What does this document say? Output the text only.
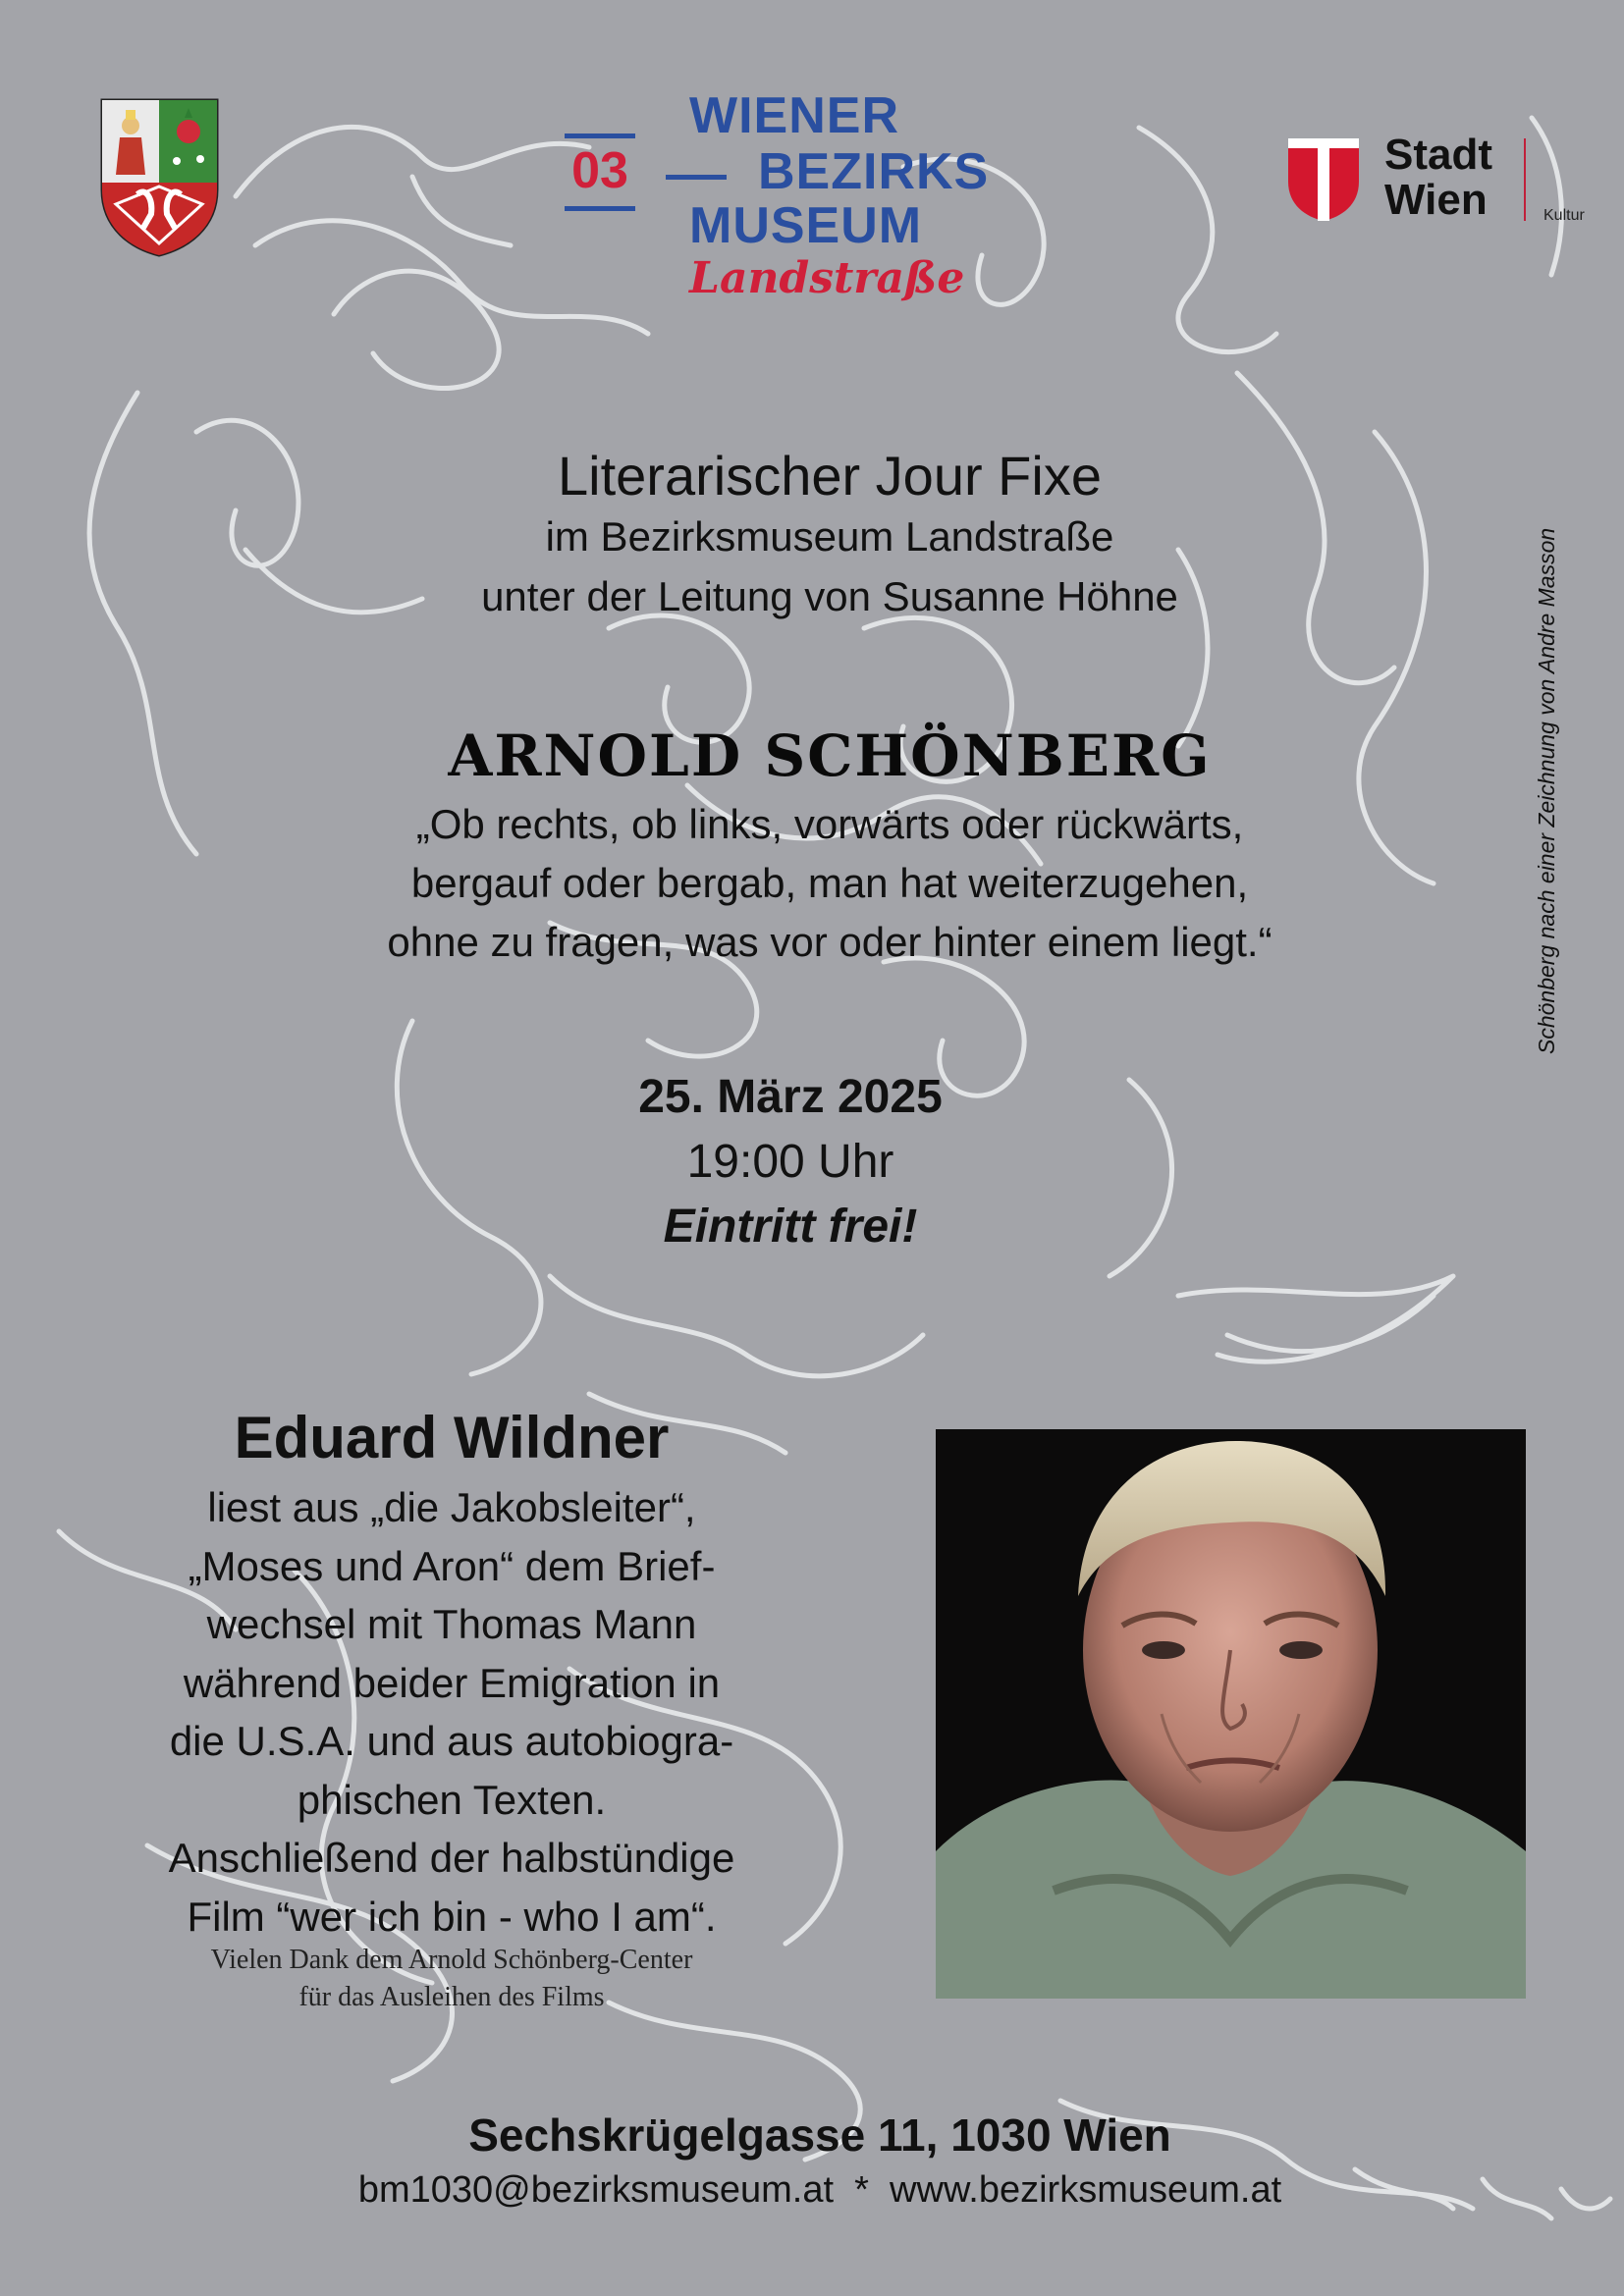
03
WIENER
BEZIRKS
MUSEUM
Landstraße
Stadt
Wien	Kultur
Literarischer Jour Fixe
im Bezirksmuseum Landstraße
unter der Leitung von Susanne Höhne
ARNOLD SCHÖNBERG
„Ob rechts, ob links, vorwärts oder rückwärts,
bergauf oder bergab, man hat weiterzugehen,
ohne zu fragen, was vor oder hinter einem liegt.“
25. März 2025
19:00 Uhr
Eintritt frei!
Schönberg nach einer Zeichnung von Andre Masson
Eduard Wildner
liest aus „die Jakobsleiter“,
„Moses und Aron“ dem Brief-
wechsel mit Thomas Mann
während beider Emigration in
die U.S.A. und aus autobiogra-
phischen Texten.
Anschließend der halbstündige
Film “wer ich bin - who I am“.
Vielen Dank dem Arnold Schönberg-Center
für das Ausleihen des Films
Sechskrügelgasse 11, 1030 Wien
bm1030@bezirksmuseum.at  *  www.bezirksmuseum.at
